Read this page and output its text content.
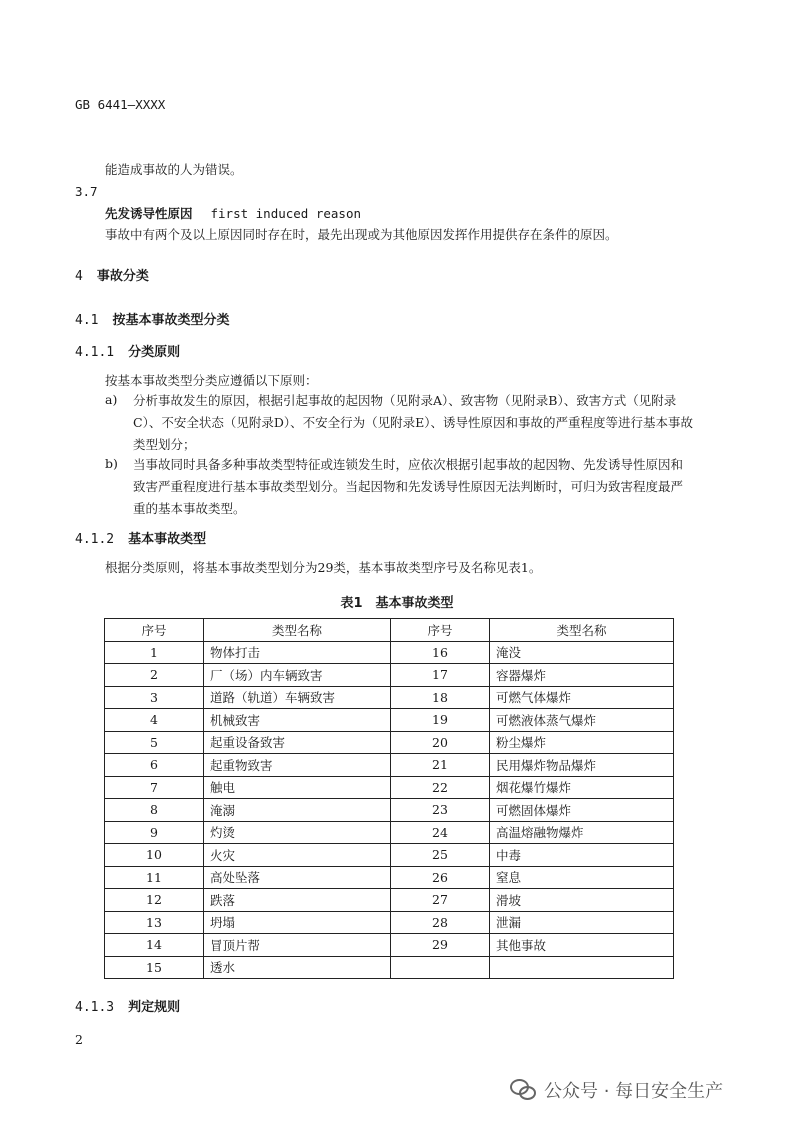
GB 6441—XXXX
能造成事故的人为错误。
3.7
先发诱导性原因 first induced reason
事故中有两个及以上原因同时存在时，最先出现或为其他原因发挥作用提供存在条件的原因。
4 事故分类
4.1 按基本事故类型分类
4.1.1 分类原则
按基本事故类型分类应遵循以下原则：
a) 分析事故发生的原因，根据引起事故的起因物（见附录A）、致害物（见附录B）、致害方式（见附录C）、不安全状态（见附录D）、不安全行为（见附录E）、诱导性原因和事故的严重程度等进行基本事故类型划分；
b) 当事故同时具备多种事故类型特征或连锁发生时，应依次根据引起事故的起因物、先发诱导性原因和致害严重程度进行基本事故类型划分。当起因物和先发诱导性原因无法判断时，可归为致害程度最严重的基本事故类型。
4.1.2 基本事故类型
根据分类原则，将基本事故类型划分为29类，基本事故类型序号及名称见表1。
表1　基本事故类型
序号	类型名称	序号	类型名称
1	物体打击	16	淹没
2	厂（场）内车辆致害	17	容器爆炸
3	道路（轨道）车辆致害	18	可燃气体爆炸
4	机械致害	19	可燃液体蒸气爆炸
5	起重设备致害	20	粉尘爆炸
6	起重物致害	21	民用爆炸物品爆炸
7	触电	22	烟花爆竹爆炸
8	淹溺	23	可燃固体爆炸
9	灼烫	24	高温熔融物爆炸
10	火灾	25	中毒
11	高处坠落	26	窒息
12	跌落	27	滑坡
13	坍塌	28	泄漏
14	冒顶片帮	29	其他事故
15	透水		
4.1.3 判定规则
2
公众号 · 每日安全生产
